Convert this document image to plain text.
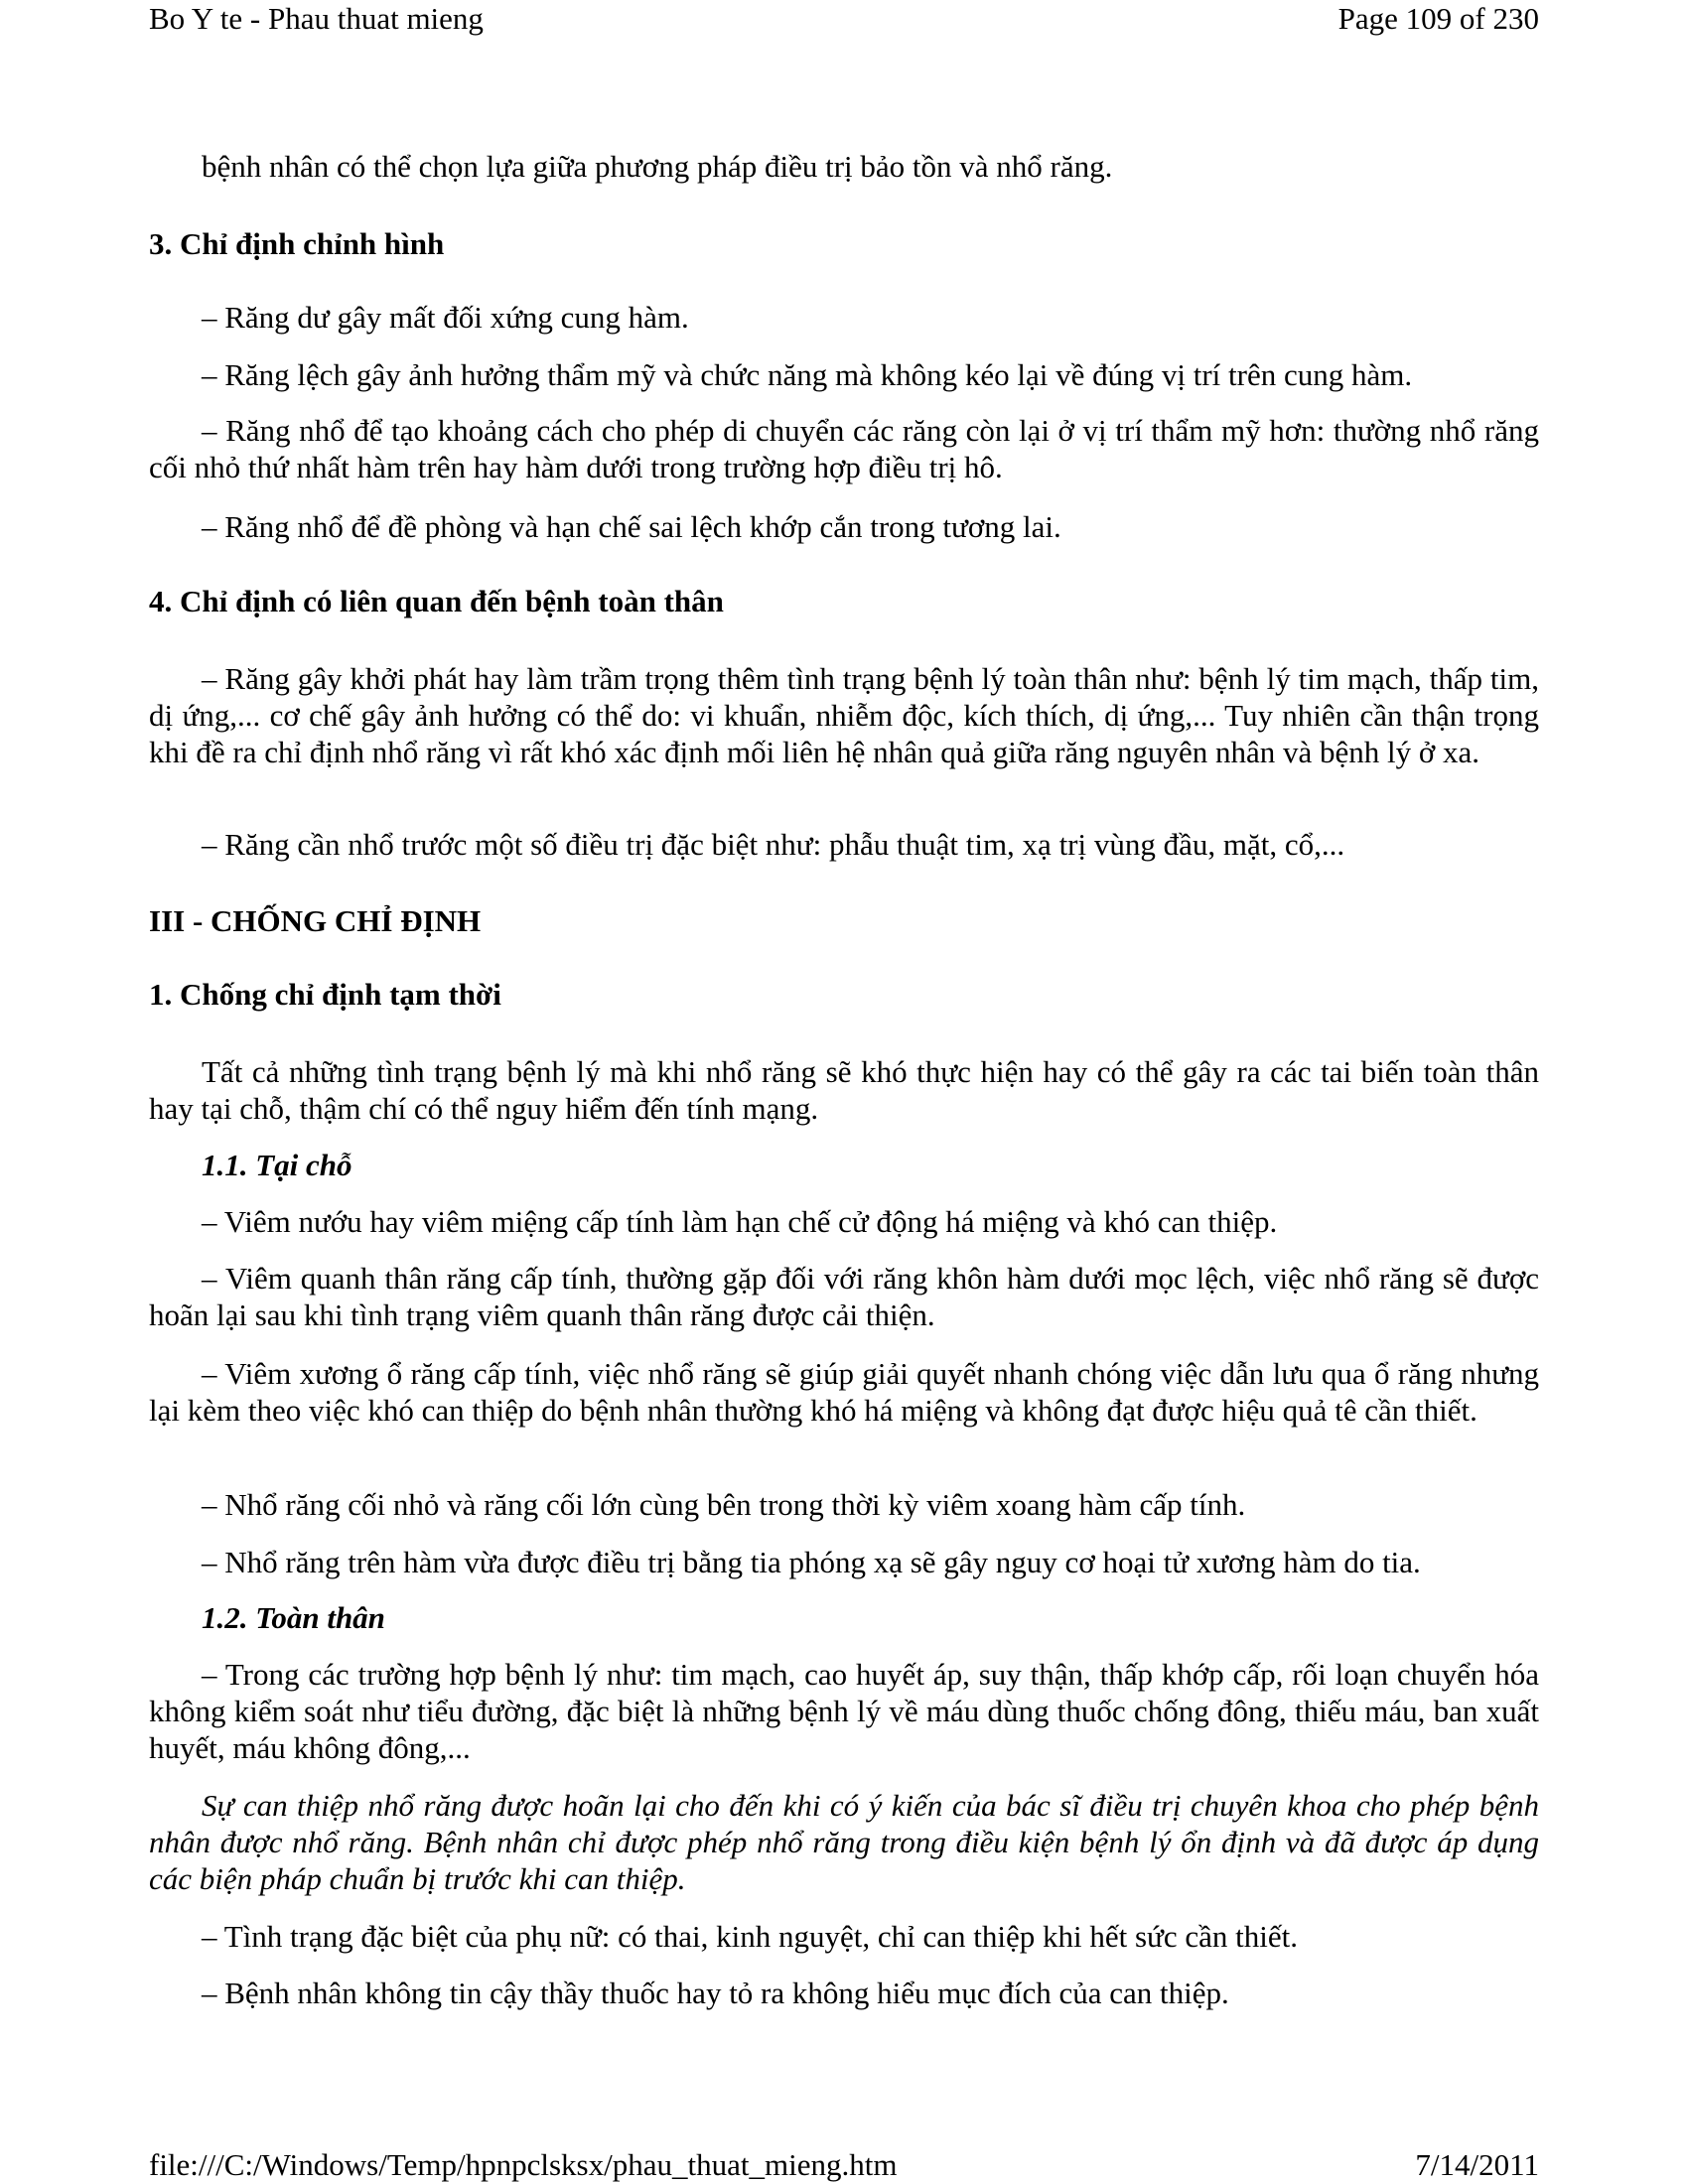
Bo Y te - Phau thuat mieng	Page 109 of 230
bệnh nhân có thể chọn lựa giữa phương pháp điều trị bảo tồn và nhổ răng.
3. Chỉ định chỉnh hình
– Răng dư gây mất đối xứng cung hàm.
– Răng lệch gây ảnh hưởng thẩm mỹ và chức năng mà không kéo lại về đúng vị trí trên cung hàm.
– Răng nhổ để tạo khoảng cách cho phép di chuyển các răng còn lại ở vị trí thẩm mỹ hơn: thường nhổ răng cối nhỏ thứ nhất hàm trên hay hàm dưới trong trường hợp điều trị hô.
– Răng nhổ để đề phòng và hạn chế sai lệch khớp cắn trong tương lai.
4. Chỉ định có liên quan đến bệnh toàn thân
– Răng gây khởi phát hay làm trầm trọng thêm tình trạng bệnh lý toàn thân như: bệnh lý tim mạch, thấp tim, dị ứng,... cơ chế gây ảnh hưởng có thể do: vi khuẩn, nhiễm độc, kích thích, dị ứng,... Tuy nhiên cần thận trọng khi đề ra chỉ định nhổ răng vì rất khó xác định mối liên hệ nhân quả giữa răng nguyên nhân và bệnh lý ở xa.
– Răng cần nhổ trước một số điều trị đặc biệt như: phẫu thuật tim, xạ trị vùng đầu, mặt, cổ,...
III - CHỐNG CHỈ ĐỊNH
1. Chống chỉ định tạm thời
Tất cả những tình trạng bệnh lý mà khi nhổ răng sẽ khó thực hiện hay có thể gây ra các tai biến toàn thân hay tại chỗ, thậm chí có thể nguy hiểm đến tính mạng.
1.1. Tại chỗ
– Viêm nướu hay viêm miệng cấp tính làm hạn chế cử động há miệng và khó can thiệp.
– Viêm quanh thân răng cấp tính, thường gặp đối với răng khôn hàm dưới mọc lệch, việc nhổ răng sẽ được hoãn lại sau khi tình trạng viêm quanh thân răng được cải thiện.
– Viêm xương ổ răng cấp tính, việc nhổ răng sẽ giúp giải quyết nhanh chóng việc dẫn lưu qua ổ răng nhưng lại kèm theo việc khó can thiệp do bệnh nhân thường khó há miệng và không đạt được hiệu quả tê cần thiết.
– Nhổ răng cối nhỏ và răng cối lớn cùng bên trong thời kỳ viêm xoang hàm cấp tính.
– Nhổ răng trên hàm vừa được điều trị bằng tia phóng xạ sẽ gây nguy cơ hoại tử xương hàm do tia.
1.2. Toàn thân
– Trong các trường hợp bệnh lý như: tim mạch, cao huyết áp, suy thận, thấp khớp cấp, rối loạn chuyển hóa không kiểm soát như tiểu đường, đặc biệt là những bệnh lý về máu dùng thuốc chống đông, thiếu máu, ban xuất huyết, máu không đông,...
Sự can thiệp nhổ răng được hoãn lại cho đến khi có ý kiến của bác sĩ điều trị chuyên khoa cho phép bệnh nhân được nhổ răng. Bệnh nhân chỉ được phép nhổ răng trong điều kiện bệnh lý ổn định và đã được áp dụng các biện pháp chuẩn bị trước khi can thiệp.
– Tình trạng đặc biệt của phụ nữ: có thai, kinh nguyệt, chỉ can thiệp khi hết sức cần thiết.
– Bệnh nhân không tin cậy thầy thuốc hay tỏ ra không hiểu mục đích của can thiệp.
file:///C:/Windows/Temp/hpnpclsksx/phau_thuat_mieng.htm	7/14/2011
